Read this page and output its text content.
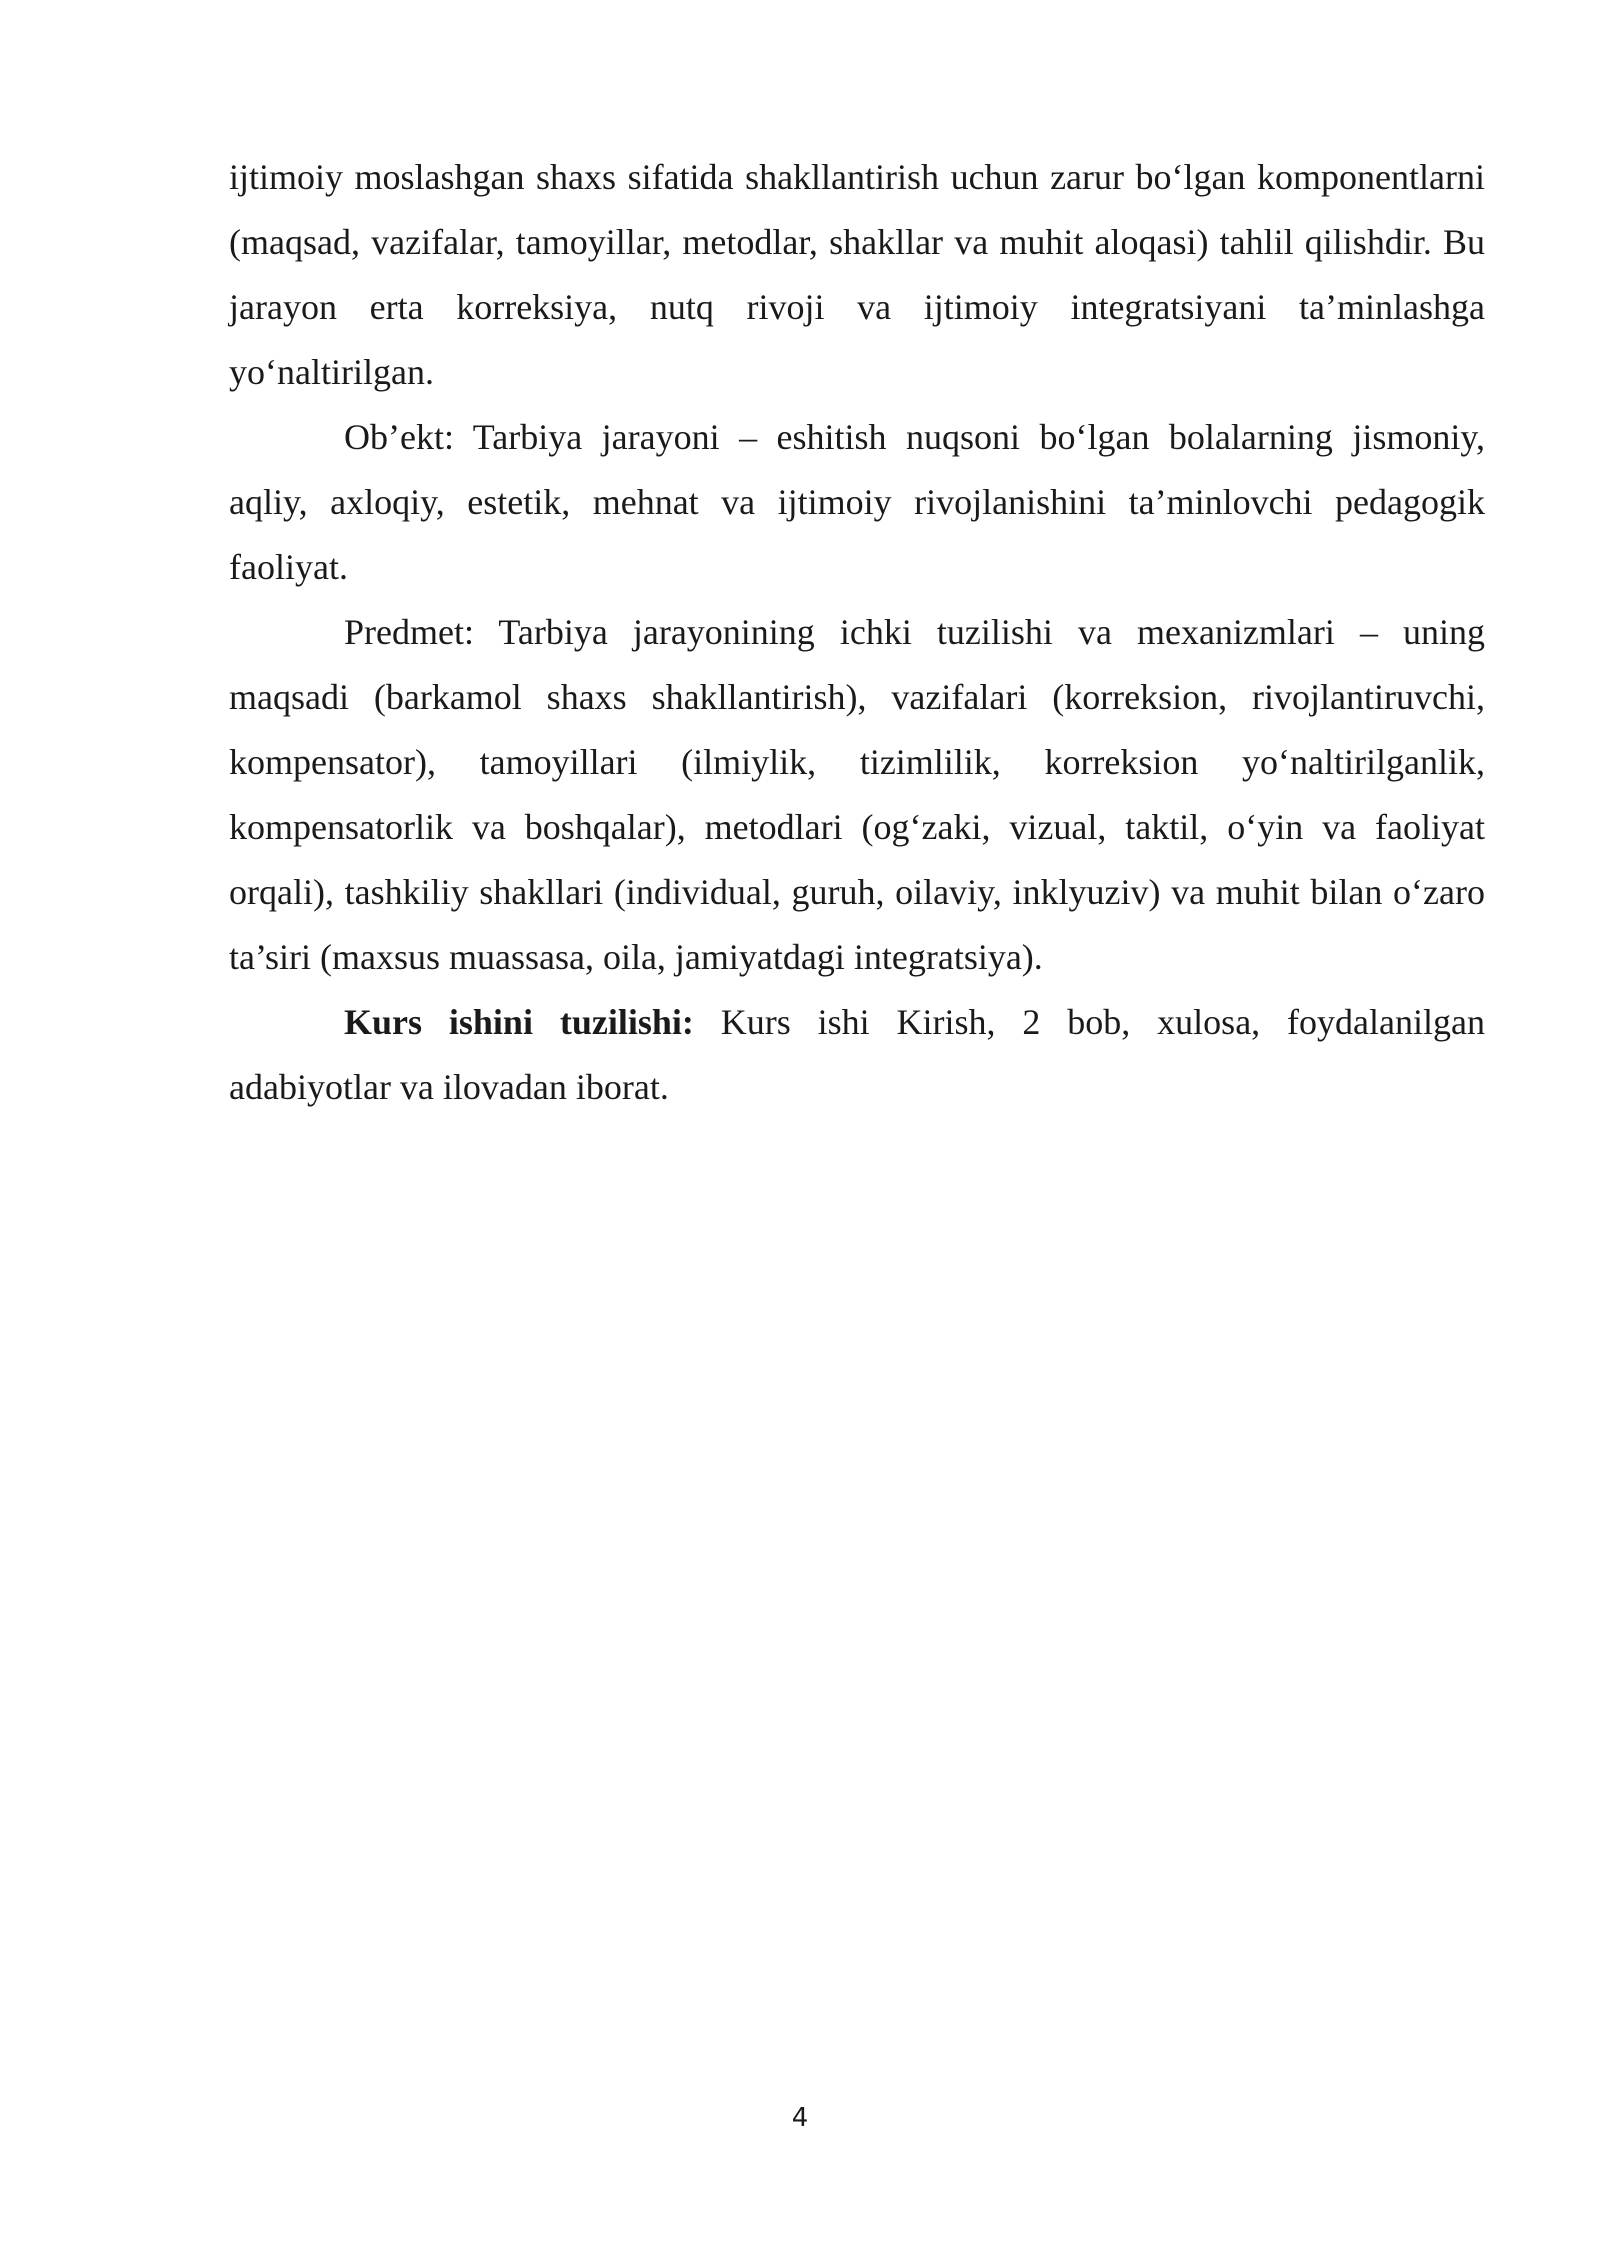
ijtimoiy moslashgan shaxs sifatida shakllantirish uchun zarur bo‘lgan komponentlarni (maqsad, vazifalar, tamoyillar, metodlar, shakllar va muhit aloqasi) tahlil qilishdir. Bu jarayon erta korreksiya, nutq rivoji va ijtimoiy integratsiyani ta’minlashga yo‘naltirilgan.

Ob’ekt: Tarbiya jarayoni – eshitish nuqsoni bo‘lgan bolalarning jismoniy, aqliy, axloqiy, estetik, mehnat va ijtimoiy rivojlanishini ta’minlovchi pedagogik faoliyat.

Predmet: Tarbiya jarayonining ichki tuzilishi va mexanizmlari – uning maqsadi (barkamol shaxs shakllantirish), vazifalari (korreksion, rivojlantiruvchi, kompensator), tamoyillari (ilmiylik, tizimlilik, korreksion yo‘naltirilganlik, kompensatorlik va boshqalar), metodlari (og‘zaki, vizual, taktil, o‘yin va faoliyat orqali), tashkiliy shakllari (individual, guruh, oilaviy, inklyuziv) va muhit bilan o‘zaro ta’siri (maxsus muassasa, oila, jamiyatdagi integratsiya).

Kurs ishini tuzilishi: Kurs ishi Kirish, 2 bob, xulosa, foydalanilgan adabiyotlar va ilovadan iborat.

4
